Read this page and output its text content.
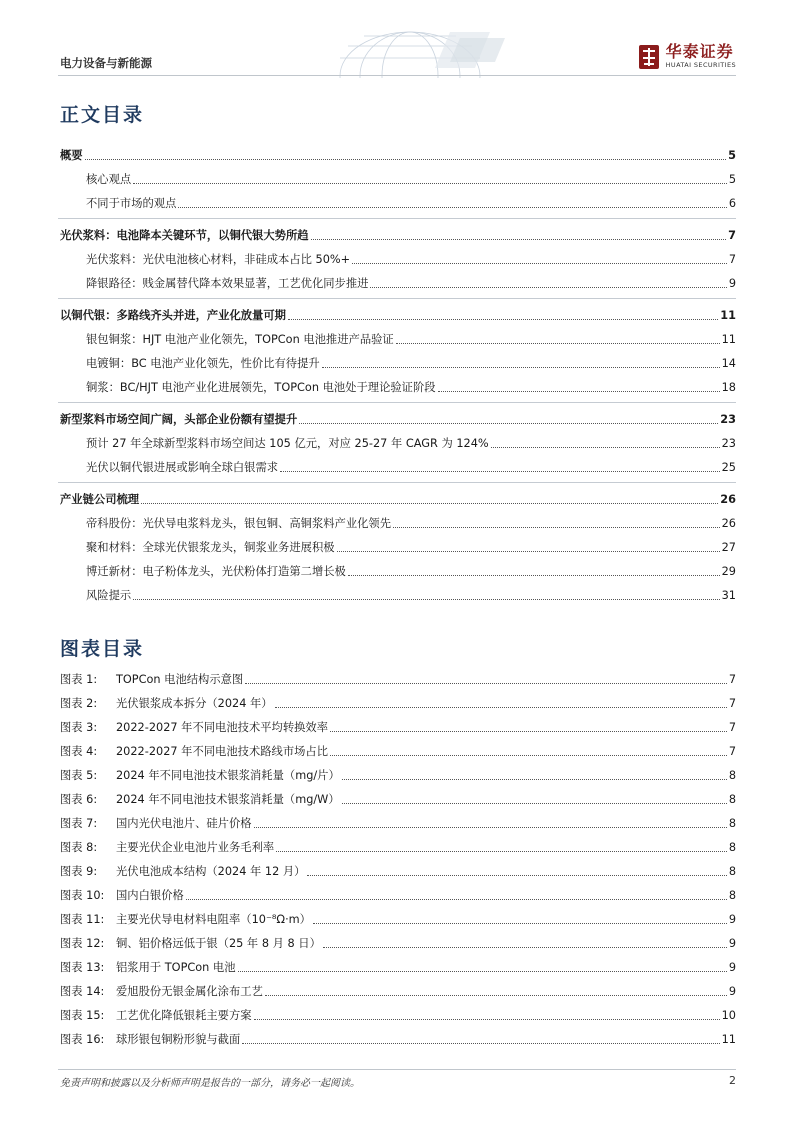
电力设备与新能源
华泰证券
HUATAI SECURITIES
正文目录
概要	5
核心观点	5
不同于市场的观点	6
光伏浆料：电池降本关键环节，以铜代银大势所趋	7
光伏浆料：光伏电池核心材料，非硅成本占比 50%+	7
降银路径：贱金属替代降本效果显著，工艺优化同步推进	9
以铜代银：多路线齐头并进，产业化放量可期	11
银包铜浆：HJT 电池产业化领先，TOPCon 电池推进产品验证	11
电镀铜：BC 电池产业化领先，性价比有待提升	14
铜浆：BC/HJT 电池产业化进展领先，TOPCon 电池处于理论验证阶段	18
新型浆料市场空间广阔，头部企业份额有望提升	23
预计 27 年全球新型浆料市场空间达 105 亿元，对应 25-27 年 CAGR 为 124%	23
光伏以铜代银进展或影响全球白银需求	25
产业链公司梳理	26
帝科股份：光伏导电浆料龙头，银包铜、高铜浆料产业化领先	26
聚和材料：全球光伏银浆龙头，铜浆业务进展积极	27
博迁新材：电子粉体龙头，光伏粉体打造第二增长极	29
风险提示	31
图表目录
图表 1:	TOPCon 电池结构示意图	7
图表 2:	光伏银浆成本拆分（2024 年）	7
图表 3:	2022-2027 年不同电池技术平均转换效率	7
图表 4:	2022-2027 年不同电池技术路线市场占比	7
图表 5:	2024 年不同电池技术银浆消耗量（mg/片）	8
图表 6:	2024 年不同电池技术银浆消耗量（mg/W）	8
图表 7:	国内光伏电池片、硅片价格	8
图表 8:	主要光伏企业电池片业务毛利率	8
图表 9:	光伏电池成本结构（2024 年 12 月）	8
图表 10:	国内白银价格	8
图表 11:	主要光伏导电材料电阻率（10⁻⁸Ω·m）	9
图表 12:	铜、铝价格远低于银（25 年 8 月 8 日）	9
图表 13:	铝浆用于 TOPCon 电池	9
图表 14:	爱旭股份无银金属化涂布工艺	9
图表 15:	工艺优化降低银耗主要方案	10
图表 16:	球形银包铜粉形貌与截面	11
免责声明和披露以及分析师声明是报告的一部分，请务必一起阅读。	2
